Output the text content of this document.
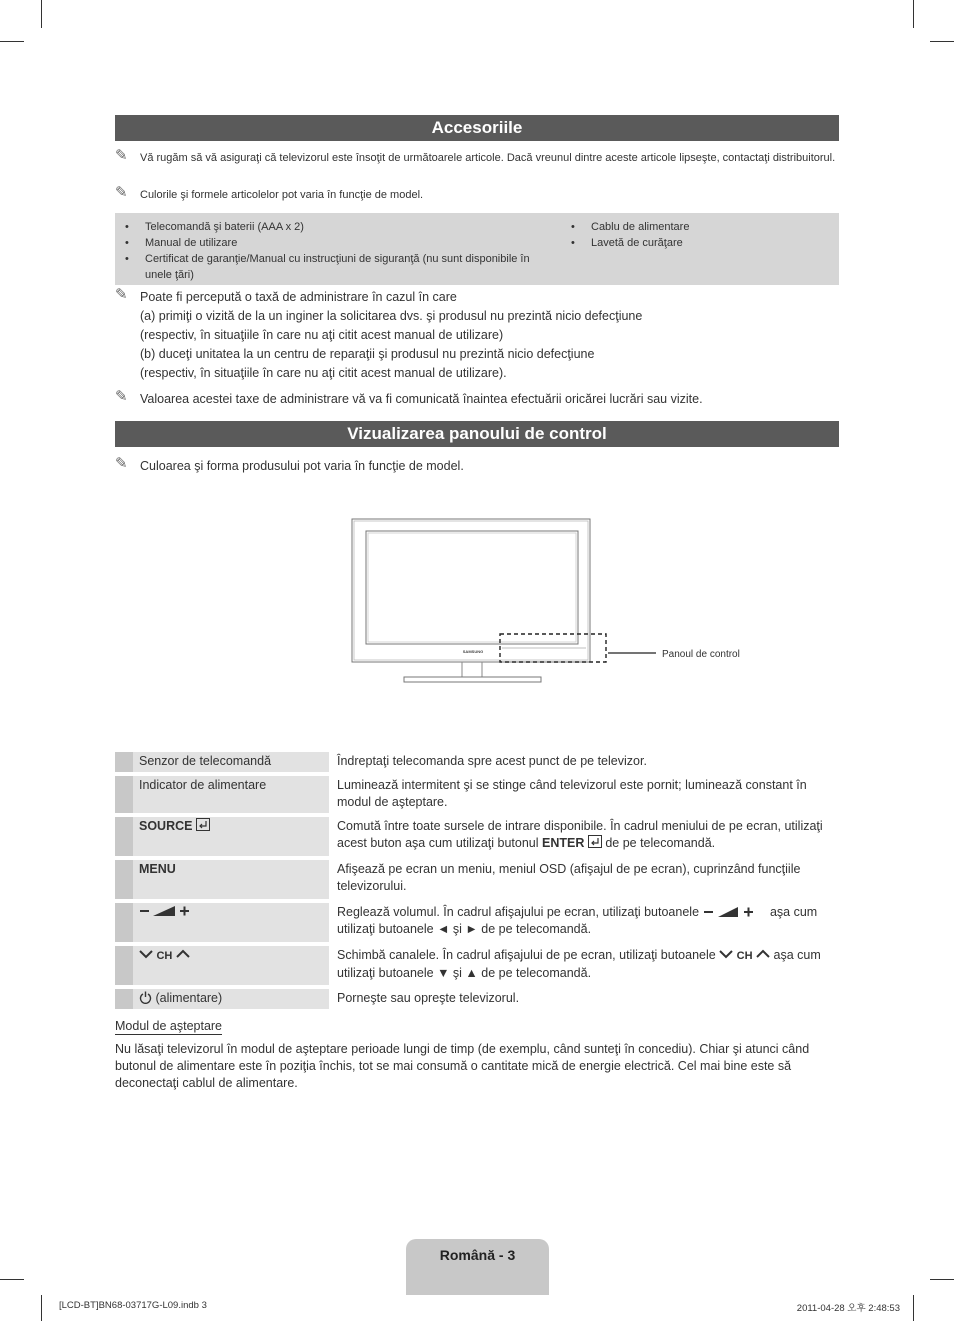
Accesoriile
✎ Vă rugăm să vă asiguraţi că televizorul este însoţit de următoarele articole. Dacă vreunul dintre aceste articole lipseşte, contactaţi distribuitorul.
✎ Culorile şi formele articolelor pot varia în funcţie de model.
• Telecomandă şi baterii (AAA x 2)
• Manual de utilizare
• Certificat de garanţie/Manual cu instrucţiuni de siguranţă (nu sunt disponibile în unele ţări)
• Cablu de alimentare
• Lavetă de curăţare
✎ Poate fi percepută o taxă de administrare în cazul în care
(a) primiţi o vizită de la un inginer la solicitarea dvs. şi produsul nu prezintă nicio defecţiune
(respectiv, în situaţiile în care nu aţi citit acest manual de utilizare)
(b) duceţi unitatea la un centru de reparaţii şi produsul nu prezintă nicio defecţiune
(respectiv, în situaţiile în care nu aţi citit acest manual de utilizare).
✎ Valoarea acestei taxe de administrare vă va fi comunicată înaintea efectuării oricărei lucrări sau vizite.
Vizualizarea panoului de control
✎ Culoarea şi forma produsului pot varia în funcţie de model.
SAMSUNG	Panoul de control
	Senzor de telecomandă	Îndreptaţi telecomanda spre acest punct de pe televizor.
	Indicator de alimentare	Luminează intermitent şi se stinge când televizorul este pornit; luminează constant în modul de aşteptare.
	SOURCE	Comută între toate sursele de intrare disponibile. În cadrul meniului de pe ecran, utilizaţi acest buton aşa cum utilizaţi butonul ENTER  de pe telecomandă.
	MENU	Afişează pe ecran un meniu, meniul OSD (afişajul de pe ecran), cuprinzând funcţiile televizorului.
		Reglează volumul. În cadrul afişajului pe ecran, utilizaţi butoanele aşa cum utilizaţi butoanele ◄ şi ► de pe telecomandă.
	CH	Schimbă canalele. În cadrul afişajului de pe ecran, utilizaţi butoanele  CH  aşa cum utilizaţi butoanele ▼ şi ▲ de pe telecomandă.
	(alimentare)	Porneşte sau opreşte televizorul.
Modul de aşteptare
Nu lăsaţi televizorul în modul de aşteptare perioade lungi de timp (de exemplu, când sunteţi în concediu). Chiar şi atunci când butonul de alimentare este în poziţia închis, tot se mai consumă o cantitate mică de energie electrică. Cel mai bine este să deconectaţi cablul de alimentare.
Română - 3
[LCD-BT]BN68-03717G-L09.indb 3	2011-04-28 오후 2:48:53
